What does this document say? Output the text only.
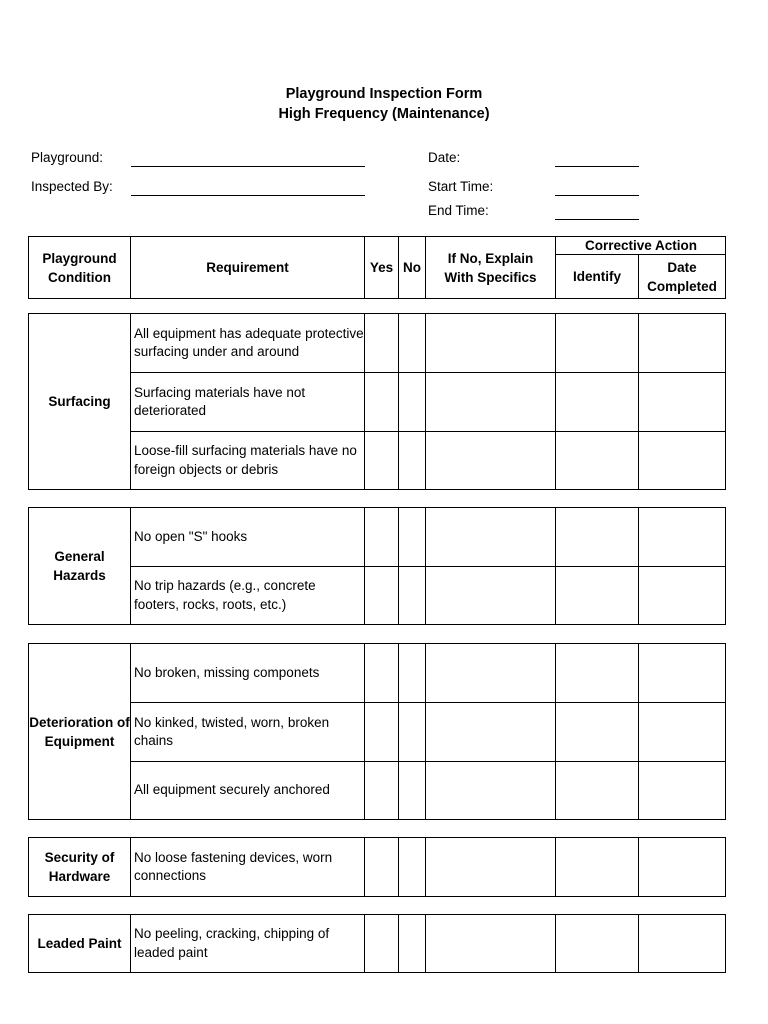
Playground Inspection Form
High Frequency (Maintenance)
Playground:
Inspected By:
Date:
Start Time:
End Time:
Playground Condition
Requirement	Yes No
If No, Explain With Specifics
Corrective Action
Identify
Date Completed
Surfacing
All equipment has adequate protective surfacing under and around
Surfacing materials have not deteriorated
Loose-fill surfacing materials have no foreign objects or debris
General Hazards
No open "S" hooks
No trip hazards (e.g., concrete footers, rocks, roots, etc.)
Deterioration of Equipment
No broken, missing componets
No kinked, twisted, worn, broken chains
All equipment securely anchored
Security of Hardware
No loose fastening devices, worn connections
Leaded Paint
No peeling, cracking, chipping of leaded paint
